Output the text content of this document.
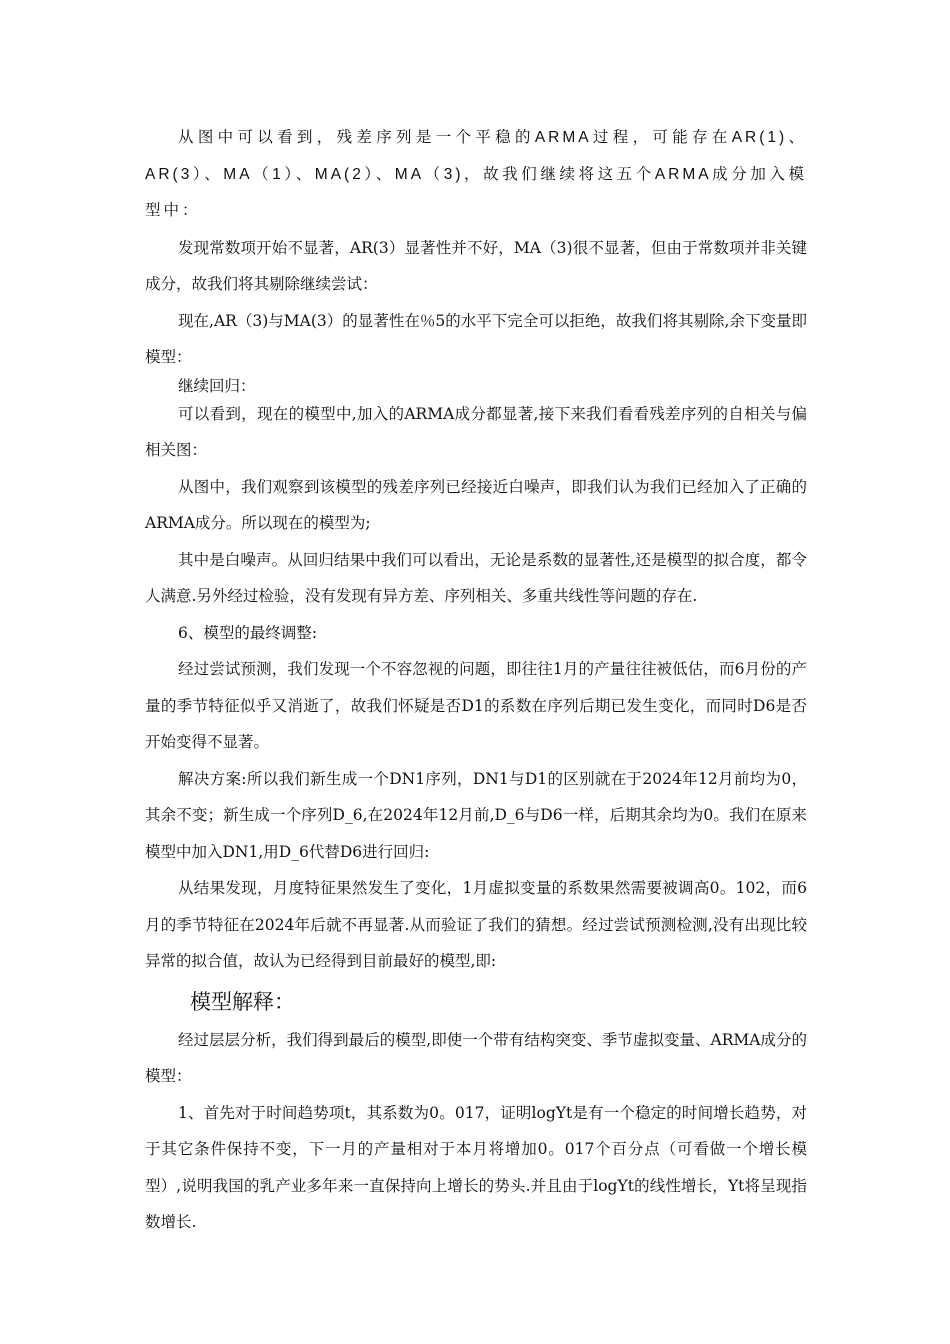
从图中可以看到，残差序列是一个平稳的ARMA过程，可能存在AR(1)、AR(3）、MA（1）、MA(2）、MA（3)，故我们继续将这五个ARMA成分加入模型中：

发现常数项开始不显著，AR(3）显著性并不好，MA（3)很不显著，但由于常数项并非关键成分，故我们将其剔除继续尝试：

现在,AR（3)与MA(3）的显著性在％5的水平下完全可以拒绝，故我们将其剔除,余下变量即模型：

继续回归：

可以看到，现在的模型中,加入的ARMA成分都显著,接下来我们看看残差序列的自相关与偏相关图：

从图中，我们观察到该模型的残差序列已经接近白噪声，即我们认为我们已经加入了正确的ARMA成分。所以现在的模型为;

其中是白噪声。从回归结果中我们可以看出，无论是系数的显著性,还是模型的拟合度，都令人满意.另外经过检验，没有发现有异方差、序列相关、多重共线性等问题的存在.

6、模型的最终调整:

经过尝试预测，我们发现一个不容忽视的问题，即往往1月的产量往往被低估，而6月份的产量的季节特征似乎又消逝了，故我们怀疑是否D1的系数在序列后期已发生变化，而同时D6是否开始变得不显著。

解决方案:所以我们新生成一个DN1序列，DN1与D1的区别就在于2024年12月前均为0，其余不变；新生成一个序列D_6,在2024年12月前,D_6与D6一样，后期其余均为0。我们在原来模型中加入DN1,用D_6代替D6进行回归:

从结果发现，月度特征果然发生了变化，1月虚拟变量的系数果然需要被调高0。102，而6月的季节特征在2024年后就不再显著.从而验证了我们的猜想。经过尝试预测检测,没有出现比较异常的拟合值，故认为已经得到目前最好的模型,即:

模型解释：

经过层层分析，我们得到最后的模型,即使一个带有结构突变、季节虚拟变量、ARMA成分的模型：

1、首先对于时间趋势项t，其系数为0。017，证明logYt是有一个稳定的时间增长趋势，对于其它条件保持不变，下一月的产量相对于本月将增加0。017个百分点（可看做一个增长模型）,说明我国的乳产业多年来一直保持向上增长的势头.并且由于logYt的线性增长，Yt将呈现指数增长.
